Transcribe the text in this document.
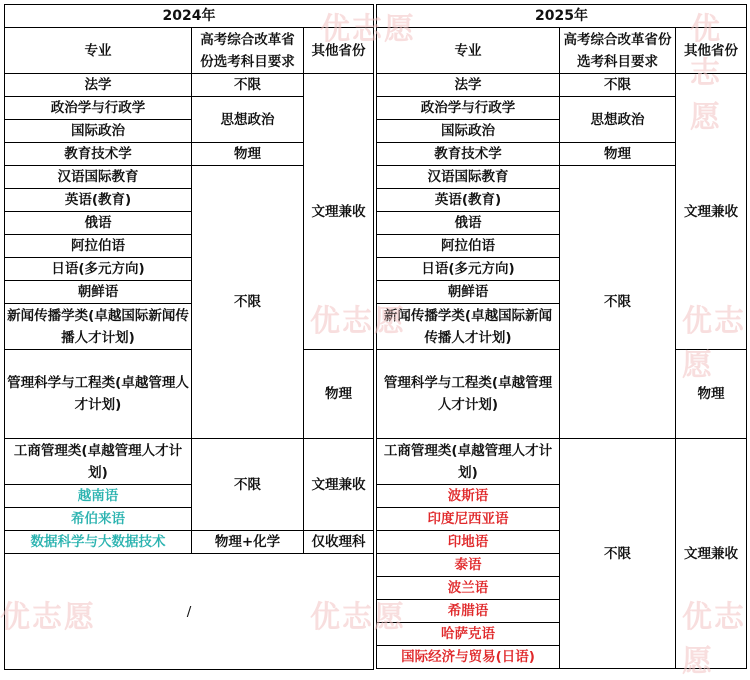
2024年			
专业	高考综合改革省份选考科目要求	其他省份	
法学	不限	文理兼收	
政治学与行政学	思想政治		
国际政治			
教育技术学	物理		
汉语国际教育	不限		
英语(教育)			
俄语			
阿拉伯语			
日语(多元方向)			
朝鲜语			
新闻传播学类(卓越国际新闻传播人才计划)			
管理科学与工程类(卓越管理人才计划)		物理	
工商管理类(卓越管理人才计划)	不限	文理兼收	
越南语			
希伯来语			
数据科学与大数据技术	物理+化学	仅收理科	
/			
2025年			
专业	高考综合改革省份选考科目要求	其他省份	
法学	不限	文理兼收	
政治学与行政学	思想政治		
国际政治			
教育技术学	物理		
汉语国际教育	不限		
英语(教育)			
俄语			
阿拉伯语			
日语(多元方向)			
朝鲜语			
新闻传播学类(卓越国际新闻传播人才计划)			
管理科学与工程类(卓越管理人才计划)		物理	
工商管理类(卓越管理人才计划)	不限	文理兼收	
波斯语			
印度尼西亚语			
印地语			
泰语			
波兰语			
希腊语			
哈萨克语			
国际经济与贸易(日语)			
优志愿	优志愿
优志愿	优志愿
优志愿	优志愿	优志愿
